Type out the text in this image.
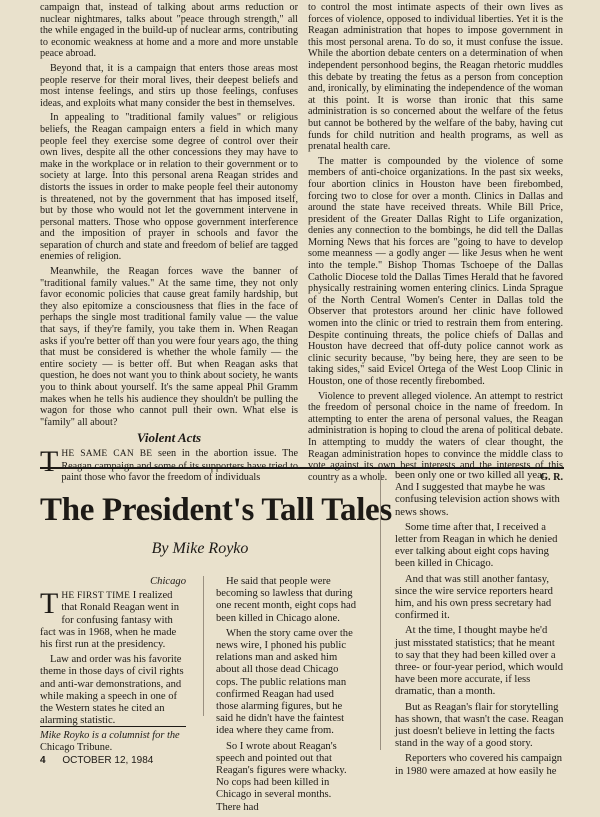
campaign that, instead of talking about arms reduction or nuclear nightmares, talks about "peace through strength," all the while engaged in the build-up of nuclear arms, contributing to economic weakness at home and a more and more unstable peace abroad.

Beyond that, it is a campaign that enters those areas most people reserve for their moral lives, their deepest beliefs and most intense feelings, and stirs up those feelings, confuses ideas, and exploits what many consider the best in themselves.

In appealing to "traditional family values" or religious beliefs, the Reagan campaign enters a field in which many people feel they exercise some degree of control over their own lives, despite all the other concessions they may have to make in the workplace or in relation to their government or to society at large. Into this personal arena Reagan strides and distorts the issues in order to make people feel their autonomy is threatened, not by the government that has imposed itself, but by those who would not let the government intervene in personal matters. Those who oppose government interference and the imposition of prayer in schools and favor the separation of church and state and freedom of belief are tagged enemies of religion.

Meanwhile, the Reagan forces wave the banner of "traditional family values." At the same time, they not only favor economic policies that cause great family hardship, but they also epitomize a consciousness that flies in the face of perhaps the single most traditional family value — the value that says, if they're family, you take them in. When Reagan asks if you're better off than you were four years ago, the thing that must be considered is whether the whole family — the entire society — is better off. But when Reagan asks that question, he does not want you to think about society, he wants you to think about yourself. It's the same appeal Phil Gramm makes when he tells his audience they shouldn't be pulling the wagon for those who cannot pull their own. What else is "family" all about?

Violent Acts

THE SAME CAN BE seen in the abortion issue. The Reagan campaign and some of its supporters have tried to paint those who favor the freedom of individuals

to control the most intimate aspects of their own lives as forces of violence, opposed to individual liberties. Yet it is the Reagan administration that hopes to impose government in this most personal arena. To do so, it must confuse the issue. While the abortion debate centers on a determination of when independent personhood begins, the Reagan rhetoric muddles this debate by treating the fetus as a person from conception and, ironically, by eliminating the independence of the woman at this point. It is worse than ironic that this same administration is so concerned about the welfare of the fetus but cannot be bothered by the welfare of the baby, having cut funds for child nutrition and health programs, as well as prenatal health care.

The matter is compounded by the violence of some members of anti-choice organizations. In the past six weeks, four abortion clinics in Houston have been firebombed, forcing two to close for over a month. Clinics in Dallas and around the state have received threats. While Bill Price, president of the Greater Dallas Right to Life organization, denies any connection to the bombings, he did tell the Dallas Morning News that his forces are "going to have to develop some meanness — a godly anger — like Jesus when he went into the temple." Bishop Thomas Tschoepe of the Dallas Catholic Diocese told the Dallas Times Herald that he favored physically restraining women entering clinics. Linda Sprague of the North Central Women's Center in Dallas told the Observer that protestors around her clinic have followed women into the clinic or tried to restrain them from entering. Despite continuing threats, the police chiefs of Dallas and Houston have decreed that off-duty police cannot work as clinic security because, "by being here, they are seen to be taking sides," said Evicel Ortega of the West Loop Clinic in Houston, one of those recently firebombed.

Violence to prevent alleged violence. An attempt to restrict the freedom of personal choice in the name of freedom. In attempting to enter the arena of personal values, the Reagan administration is hoping to cloud the arena of political debate. In attempting to muddy the waters of clear thought, the Reagan administration hopes to convince the middle class to vote against its own best interests and the interests of this country as a whole.	G. R.

The President's Tall Tales
By Mike Royko

Chicago

THE FIRST TIME I realized that Ronald Reagan went in for confusing fantasy with fact was in 1968, when he made his first run at the presidency.

Law and order was his favorite theme in those days of civil rights and anti-war demonstrations, and while making a speech in one of the Western states he cited an alarming statistic.

He said that people were becoming so lawless that during one recent month, eight cops had been killed in Chicago alone.

When the story came over the news wire, I phoned his public relations man and asked him about all those dead Chicago cops. The public relations man confirmed Reagan had used those alarming figures, but he said he didn't have the faintest idea where they came from.

So I wrote about Reagan's speech and pointed out that Reagan's figures were whacky. No cops had been killed in Chicago in several months. There had

been only one or two killed all year. And I suggested that maybe he was confusing television action shows with news shows.

Some time after that, I received a letter from Reagan in which he denied ever talking about eight cops having been killed in Chicago.

And that was still another fantasy, since the wire service reporters heard him, and his own press secretary had confirmed it.

At the time, I thought maybe he'd just misstated statistics; that he meant to say that they had been killed over a three- or four-year period, which would have been more accurate, if less dramatic, than a month.

But as Reagan's flair for storytelling has shown, that wasn't the case. Reagan just doesn't believe in letting the facts stand in the way of a good story.

Reporters who covered his campaign in 1980 were amazed at how easily he

Mike Royko is a columnist for the Chicago Tribune.
4 OCTOBER 12, 1984
